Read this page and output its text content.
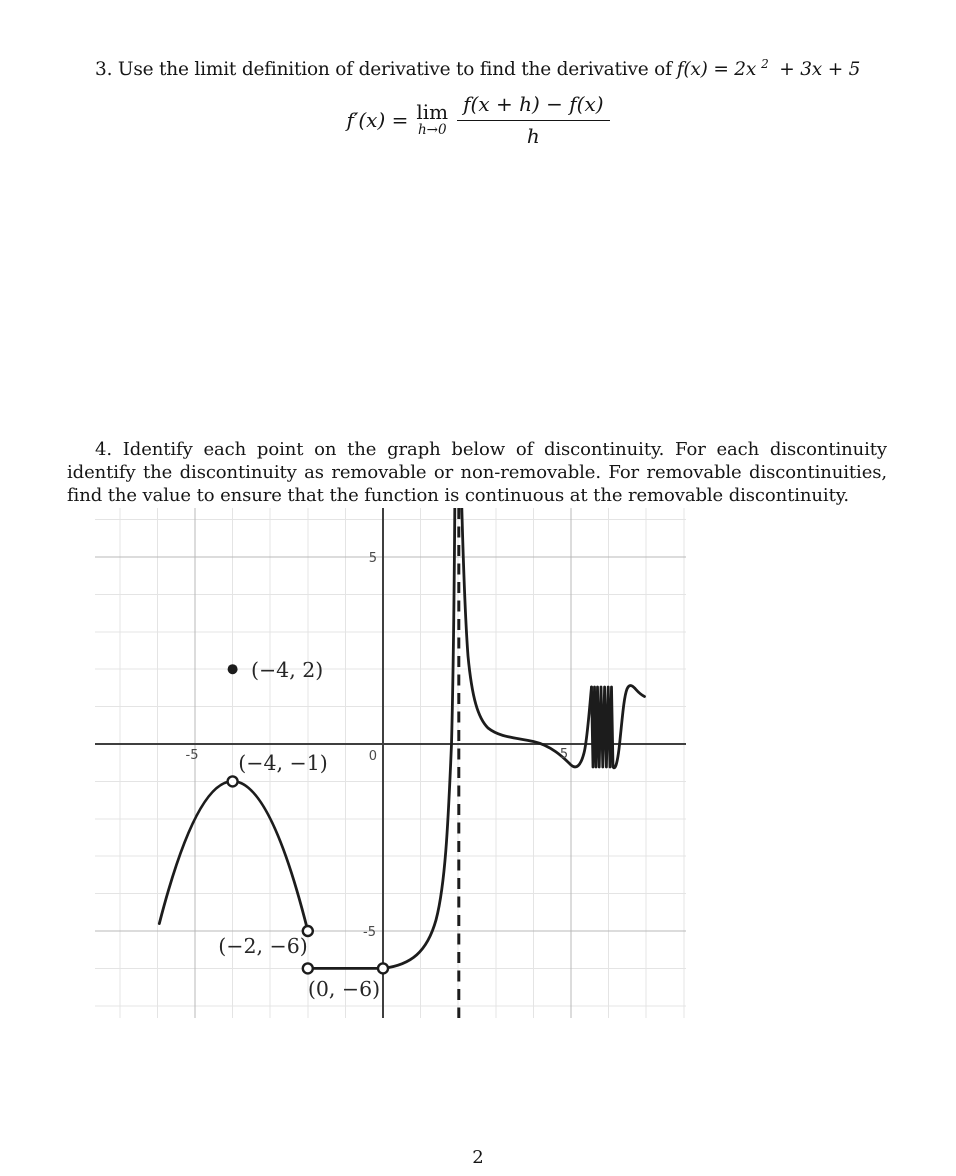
3. Use the limit definition of derivative to find the derivative of f(x) = 2x $^2$ + 3x + 5
f′(x) = lim
$h\to 0 \frac{f(x + h) - f(x)}{h}$

4. Identify each point on the graph below of discontinuity. For each discontinuity identify the discontinuity as removable or non-removable. For removable discontinuities, find the value to ensure that the function is continuous at the removable discontinuity.

(−4, 2)
(−4, −1)
(−2, −6)
(0, −6)
-5	0	5
5
-5
2
